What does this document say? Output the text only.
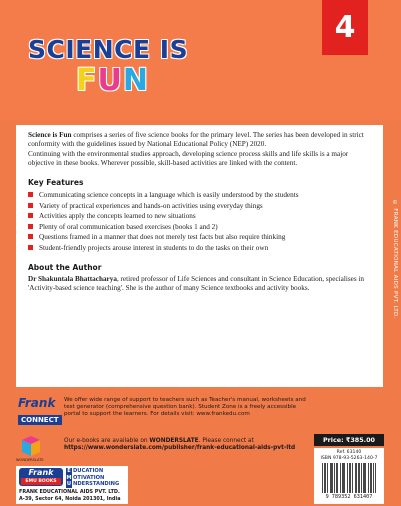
SCIENCE IS
FUN
4
© FRANK EDUCATIONAL AIDS PVT. LTD.

Science is Fun comprises a series of five science books for the primary level. The series has been developed in strict conformity with the guidelines issued by National Educational Policy (NEP) 2020.

Continuing with the environmental studies approach, developing science process skills and life skills is a major objective in these books. Wherever possible, skill-based activities are linked with the content.

Key Features
Communicating science concepts in a language which is easily understood by the students
Variety of practical experiences and hands-on activities using everyday things
Activities apply the concepts learned to new situations
Plenty of oral communication based exercises (books 1 and 2)
Questions framed in a manner that does not merely test facts but also require thinking
Student-friendly projects arouse interest in students to do the tasks on their own
About the Author

Dr Shakuntala Bhattacharya, retired professor of Life Sciences and consultant in Science Education, specialises in 'Activity-based science teaching'. She is the author of many Science textbooks and activity books.

Frank
CONNECT
We offer wide range of support to teachers such as Teacher's manual, worksheets and test generator (comprehensive question bank). Student Zone is a freely accessible portal to support the learners. For details visit: www.frankedu.com
WONDERSLATE
Our e-books are available on WONDERSLATE. Please connect at
https://www.wonderslate.com/publisher/frank-educational-aids-pvt-ltd
Frank
EMU BOOKS
E DUCATION
MOTIVATION
U NDERSTANDING
FRANK EDUCATIONAL AIDS PVT. LTD.
A-39, Sector 64, Noida 201301, India
Price: ₹385.00
Ref. 63140
ISBN 978-93-5263-140-7
9 789352 631407
